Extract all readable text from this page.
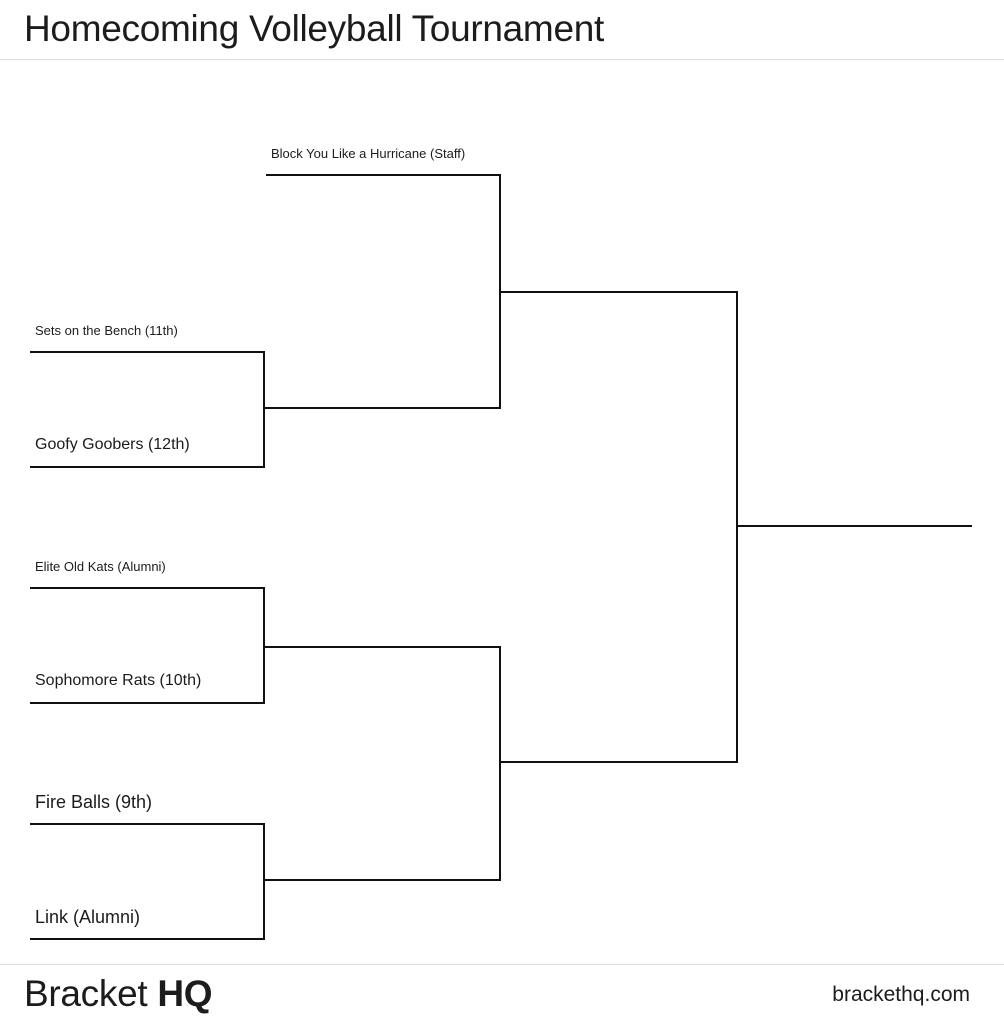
Homecoming Volleyball Tournament
Block You Like a Hurricane (Staff)
Sets on the Bench (11th)
Goofy Goobers (12th)
Elite Old Kats (Alumni)
Sophomore Rats (10th)
Fire Balls (9th)
Link (Alumni)
Bracket HQ	brackethq.com
